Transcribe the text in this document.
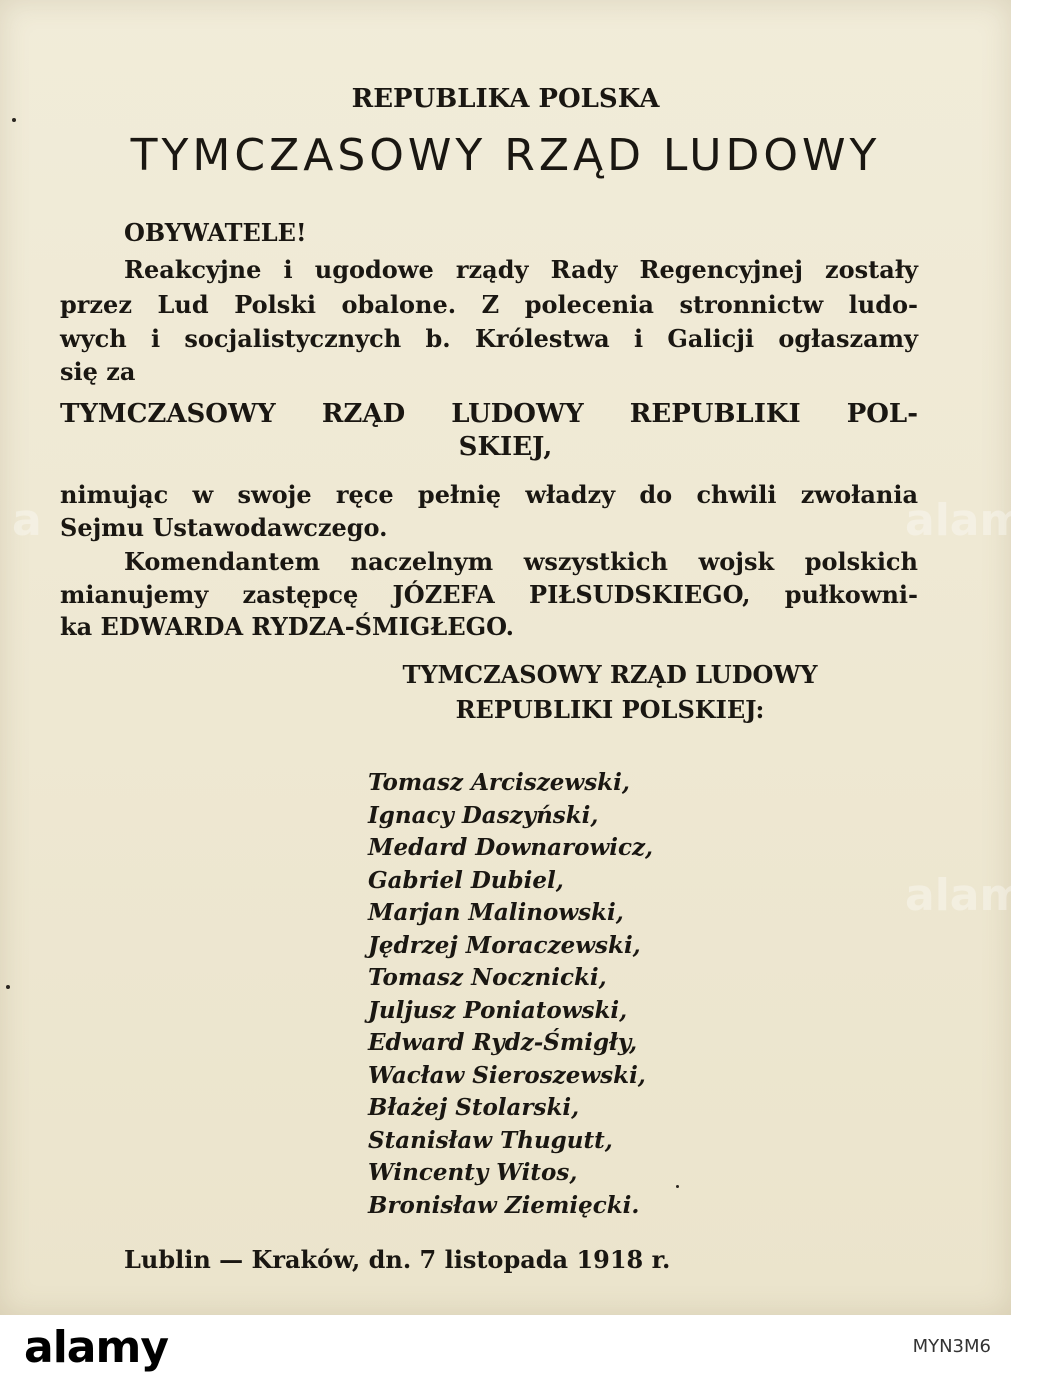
REPUBLIKA POLSKA

TYMCZASOWY RZĄD LUDOWY

OBYWATELE!

Reakcyjne i ugodowe rządy Rady Regencyjnej zostały

przez Lud Polski obalone. Z polecenia stronnictw ludo-

wych i socjalistycznych b. Królestwa i Galicji ogłaszamy

się za

TYMCZASOWY RZĄD LUDOWY REPUBLIKI POL-

SKIEJ,

nimując w swoje ręce pełnię władzy do chwili zwołania

Sejmu Ustawodawczego.

Komendantem naczelnym wszystkich wojsk polskich

mianujemy zastępcę JÓZEFA PIŁSUDSKIEGO, pułkowni-

ka EDWARDA RYDZA-ŚMIGŁEGO.

TYMCZASOWY RZĄD LUDOWY

REPUBLIKI POLSKIEJ:

Tomasz Arciszewski,
Ignacy Daszyński,
Medard Downarowicz,
Gabriel Dubiel,
Marjan Malinowski,
Jędrzej Moraczewski,
Tomasz Nocznicki,
Juljusz Poniatowski,
Edward Rydz-Śmigły,
Wacław Sieroszewski,
Błażej Stolarski,
Stanisław Thugutt,
Wincenty Witos,
Bronisław Ziemięcki.

Lublin — Kraków, dn. 7 listopada 1918 r.

a	alamy
alamy
alamy	MYN3M6
